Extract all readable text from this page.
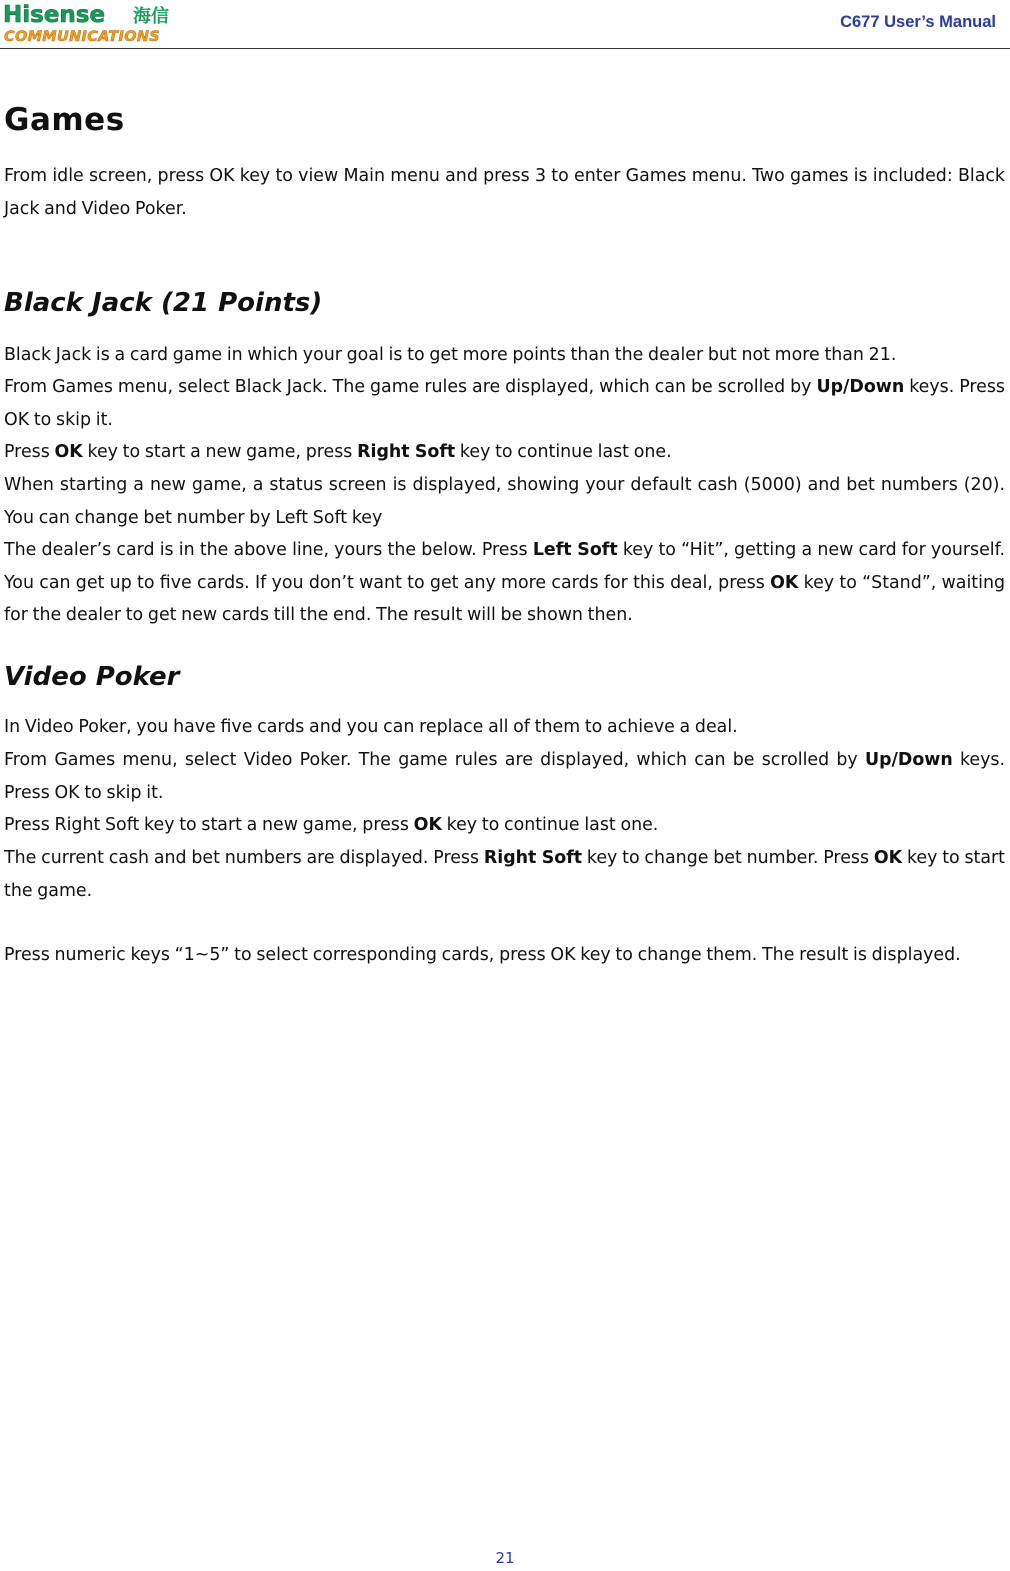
Hisense 海信
COMMUNICATIONS
C677 User’s Manual
Games

From idle screen, press OK key to view Main menu and press 3 to enter Games menu. Two games is included: Black Jack and Video Poker.

Black Jack (21 Points)

Black Jack is a card game in which your goal is to get more points than the dealer but not more than 21.

From Games menu, select Black Jack. The game rules are displayed, which can be scrolled by Up/Down keys. Press OK to skip it.

Press OK key to start a new game, press Right Soft key to continue last one.

When starting a new game, a status screen is displayed, showing your default cash (5000) and bet numbers (20). You can change bet number by Left Soft key

The dealer’s card is in the above line, yours the below. Press Left Soft key to “Hit”, getting a new card for yourself. You can get up to five cards. If you don’t want to get any more cards for this deal, press OK key to “Stand”, waiting for the dealer to get new cards till the end. The result will be shown then.

Video Poker

In Video Poker, you have five cards and you can replace all of them to achieve a deal.

From Games menu, select Video Poker. The game rules are displayed, which can be scrolled by Up/Down keys. Press OK to skip it.

Press Right Soft key to start a new game, press OK key to continue last one.

The current cash and bet numbers are displayed. Press Right Soft key to change bet number. Press OK key to start the game.

Press numeric keys “1~5” to select corresponding cards, press OK key to change them. The result is displayed.

21
